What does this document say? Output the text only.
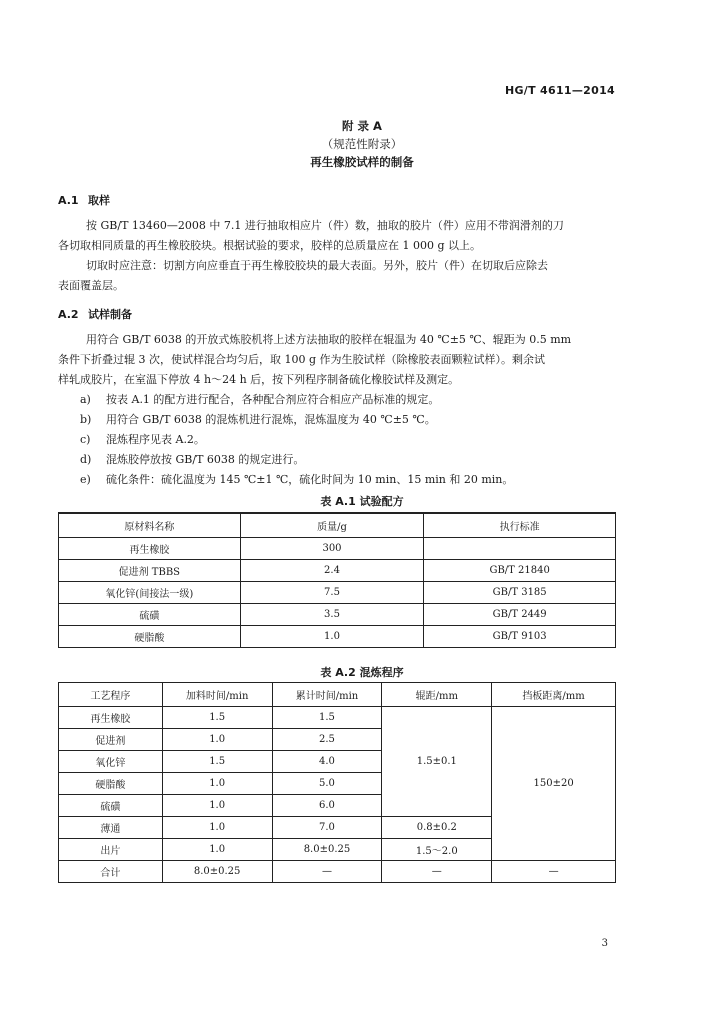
HG/T 4611—2014
附 录 A
（规范性附录）
再生橡胶试样的制备
A.1 取样
按 GB/T 13460—2008 中 7.1 进行抽取相应片（件）数，抽取的胶片（件）应用不带润滑剂的刀
各切取相同质量的再生橡胶胶块。根据试验的要求，胶样的总质量应在 1 000 g 以上。
切取时应注意：切割方向应垂直于再生橡胶胶块的最大表面。另外，胶片（件）在切取后应除去
表面覆盖层。
A.2 试样制备
用符合 GB/T 6038 的开放式炼胶机将上述方法抽取的胶样在辊温为 40 ℃±5 ℃、辊距为 0.5 mm
条件下折叠过辊 3 次，使试样混合均匀后，取 100 g 作为生胶试样（除橡胶表面颗粒试样）。剩余试
样轧成胶片，在室温下停放 4 h～24 h 后，按下列程序制备硫化橡胶试样及测定。
a) 按表 A.1 的配方进行配合，各种配合剂应符合相应产品标准的规定。
b) 用符合 GB/T 6038 的混炼机进行混炼，混炼温度为 40 ℃±5 ℃。
c) 混炼程序见表 A.2。
d) 混炼胶停放按 GB/T 6038 的规定进行。
e) 硫化条件：硫化温度为 145 ℃±1 ℃，硫化时间为 10 min、15 min 和 20 min。
表 A.1 试验配方
原材料名称	质量/g	执行标准
再生橡胶	300	
促进剂 TBBS	2.4	GB/T 21840
氧化锌(间接法一级)	7.5	GB/T 3185
硫磺	3.5	GB/T 2449
硬脂酸	1.0	GB/T 9103
表 A.2 混炼程序
工艺程序	加料时间/min	累计时间/min	辊距/mm	挡板距离/mm
再生橡胶	1.5	1.5	1.5±0.1	150±20
促进剂	1.0	2.5		
氧化锌	1.5	4.0		
硬脂酸	1.0	5.0		
硫磺	1.0	6.0		
薄通	1.0	7.0	0.8±0.2	
出片	1.0	8.0±0.25	1.5～2.0	
合计	8.0±0.25	—	—	—
3
